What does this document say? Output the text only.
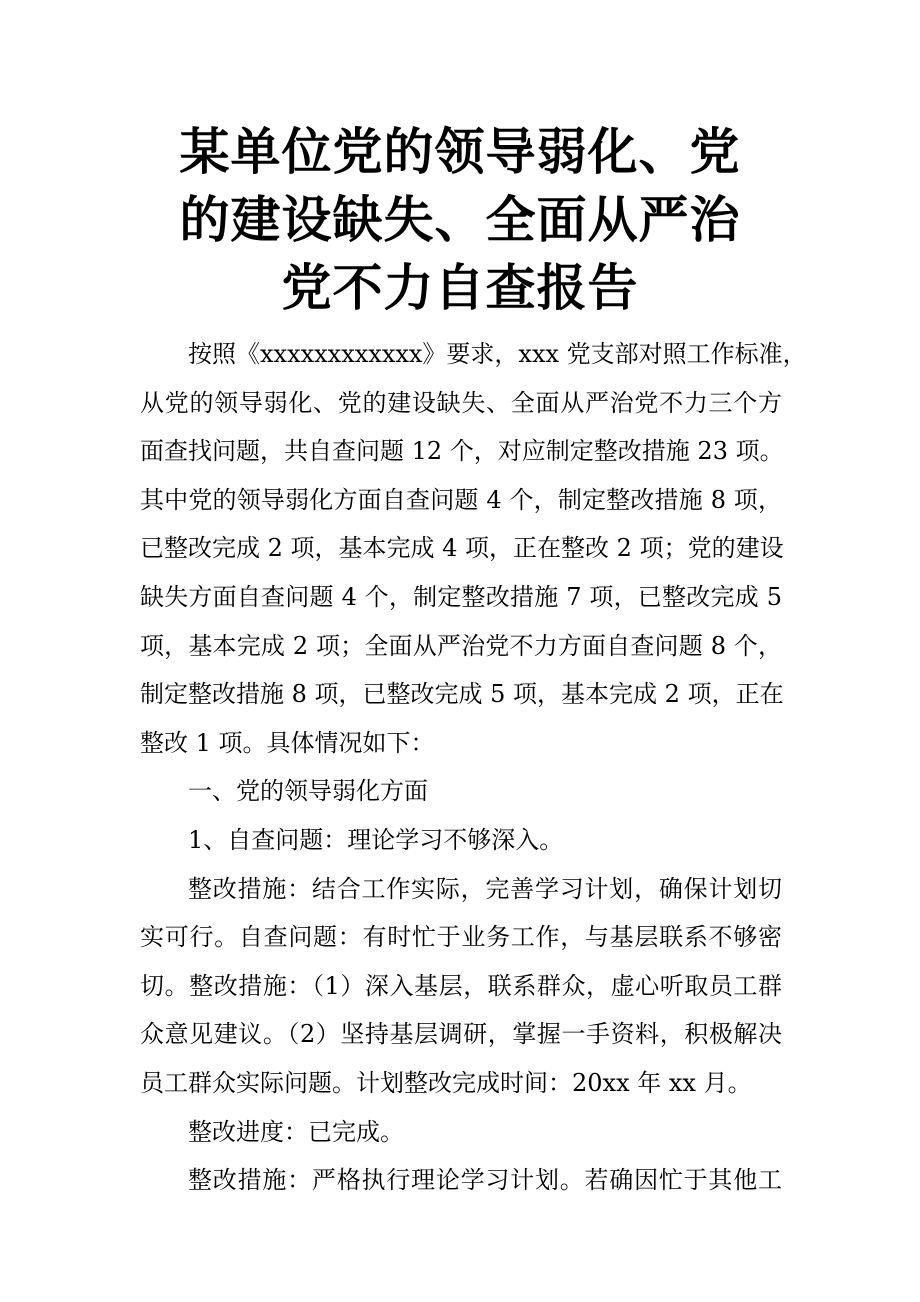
某单位党的领导弱化、党
的建设缺失、全面从严治
党不力自查报告

按照《xxxxxxxxxxxx》要求，xxx 党支部对照工作标准，
从党的领导弱化、党的建设缺失、全面从严治党不力三个方
面查找问题，共自查问题 12 个，对应制定整改措施 23 项。
其中党的领导弱化方面自查问题 4 个，制定整改措施 8 项，
已整改完成 2 项，基本完成 4 项，正在整改 2 项；党的建设
缺失方面自查问题 4 个，制定整改措施 7 项，已整改完成 5
项，基本完成 2 项；全面从严治党不力方面自查问题 8 个，
制定整改措施 8 项，已整改完成 5 项，基本完成 2 项，正在
整改 1 项。具体情况如下：

一、党的领导弱化方面

1、自查问题：理论学习不够深入。

整改措施：结合工作实际，完善学习计划，确保计划切
实可行。自查问题：有时忙于业务工作，与基层联系不够密
切。整改措施：（1）深入基层，联系群众，虚心听取员工群
众意见建议。（2）坚持基层调研，掌握一手资料，积极解决
员工群众实际问题。计划整改完成时间：20xx 年 xx 月。

整改进度：已完成。

整改措施：严格执行理论学习计划。若确因忙于其他工
